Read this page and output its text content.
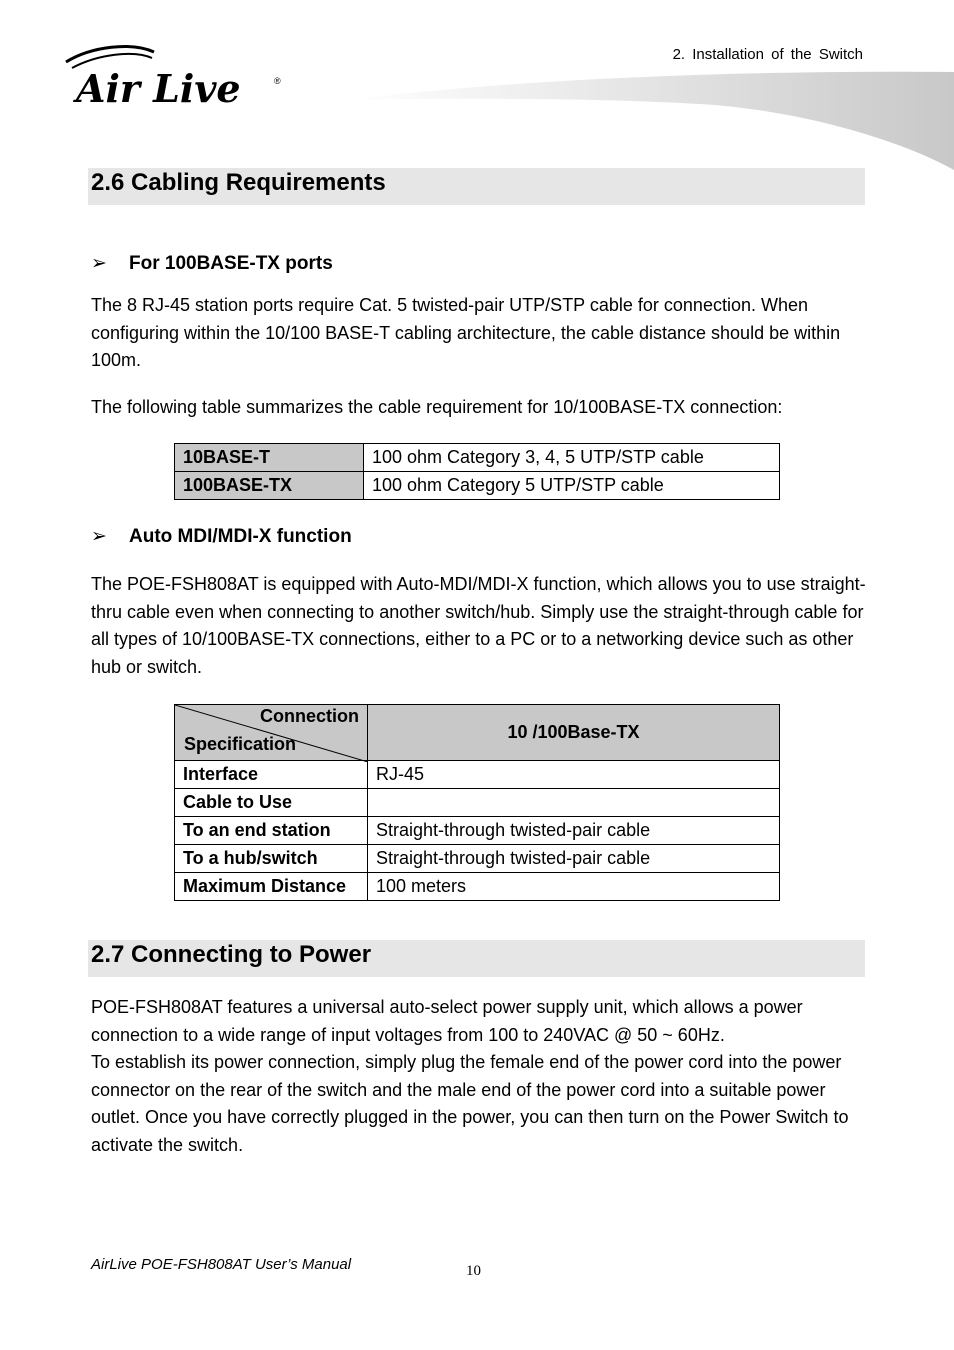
Air Live	®
2. Installation of the Switch
2.6 Cabling Requirements
➢ For 100BASE-TX ports

The 8 RJ-45 station ports require Cat. 5 twisted-pair UTP/STP cable for connection. When configuring within the 10/100 BASE-T cabling architecture, the cable distance should be within 100m.

The following table summarizes the cable requirement for 10/100BASE-TX connection:

10BASE-T	100 ohm Category 3, 4, 5 UTP/STP cable
100BASE-TX	100 ohm Category 5 UTP/STP cable
➢ Auto MDI/MDI-X function

The POE-FSH808AT is equipped with Auto-MDI/MDI-X function, which allows you to use straight-thru cable even when connecting to another switch/hub. Simply use the straight-through cable for all types of 10/100BASE-TX connections, either to a PC or to a networking device such as other hub or switch.

Connection
Specification	10 /100Base-TX
Interface	RJ-45
Cable to Use	
To an end station	Straight-through twisted-pair cable
To a hub/switch	Straight-through twisted-pair cable
Maximum Distance	100 meters
2.7 Connecting to Power

POE-FSH808AT features a universal auto-select power supply unit, which allows a power connection to a wide range of input voltages from 100 to 240VAC @ 50 ~ 60Hz.

To establish its power connection, simply plug the female end of the power cord into the power connector on the rear of the switch and the male end of the power cord into a suitable power outlet. Once you have correctly plugged in the power, you can then turn on the Power Switch to activate the switch.

AirLive POE-FSH808AT User’s Manual	10
